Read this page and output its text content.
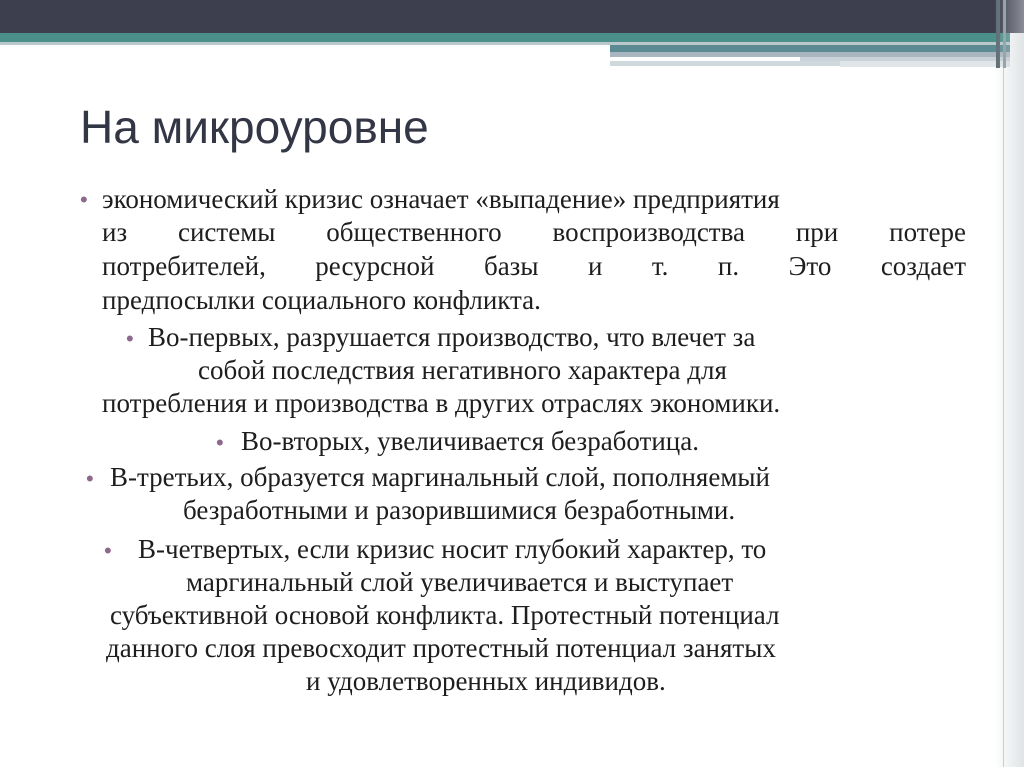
На микроуровне
• экономический кризис означает «выпадение» предприятия
из системы общественного воспроизводства при потере
потребителей, ресурсной базы и т. п. Это создает
предпосылки социального конфликта.
• Во-первых, разрушается производство, что влечет за
собой последствия негативного характера для
потребления и производства в других отраслях экономики.
• Во-вторых, увеличивается безработица.
• В-третьих, образуется маргинальный слой, пополняемый
безработными и разорившимися безработными.
• В-четвертых, если кризис носит глубокий характер, то
маргинальный слой увеличивается и выступает
субъективной основой конфликта. Протестный потенциал
данного слоя превосходит протестный потенциал занятых
и удовлетворенных индивидов.
